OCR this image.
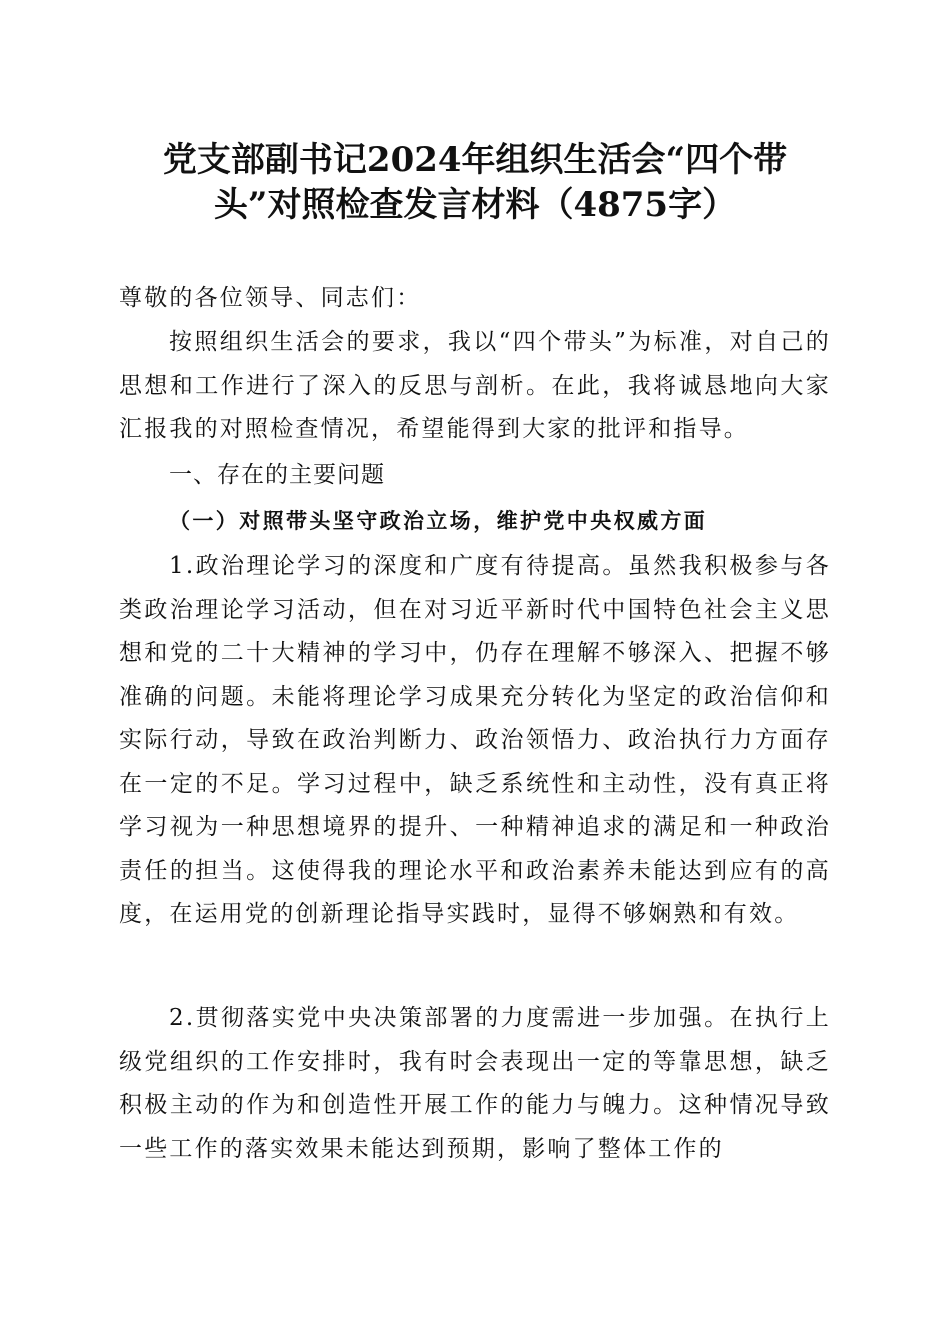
党支部副书记2024年组织生活会“四个带
头”对照检查发言材料（4875字）
尊敬的各位领导、同志们：
按照组织生活会的要求，我以“四个带头”为标准，对自己的思想和工作进行了深入的反思与剖析。在此，我将诚恳地向大家汇报我的对照检查情况，希望能得到大家的批评和指导。
一、存在的主要问题
（一）对照带头坚守政治立场，维护党中央权威方面
1.政治理论学习的深度和广度有待提高。虽然我积极参与各类政治理论学习活动，但在对习近平新时代中国特色社会主义思想和党的二十大精神的学习中，仍存在理解不够深入、把握不够准确的问题。未能将理论学习成果充分转化为坚定的政治信仰和实际行动，导致在政治判断力、政治领悟力、政治执行力方面存在一定的不足。学习过程中，缺乏系统性和主动性，没有真正将学习视为一种思想境界的提升、一种精神追求的满足和一种政治责任的担当。这使得我的理论水平和政治素养未能达到应有的高度，在运用党的创新理论指导实践时，显得不够娴熟和有效。
2.贯彻落实党中央决策部署的力度需进一步加强。在执行上级党组织的工作安排时，我有时会表现出一定的等靠思想，缺乏积极主动的作为和创造性开展工作的能力与魄力。这种情况导致一些工作的落实效果未能达到预期，影响了整体工作的
